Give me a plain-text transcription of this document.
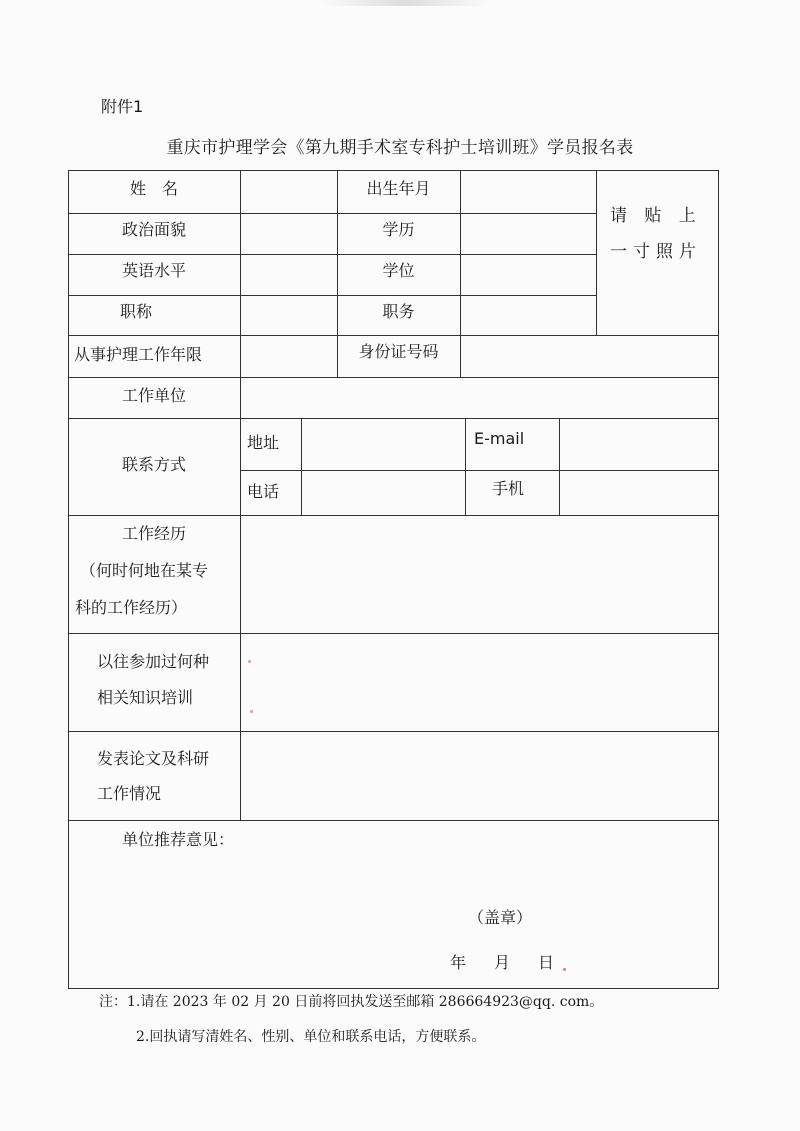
附件1
重庆市护理学会《第九期手术室专科护士培训班》学员报名表
姓　名	出生年月
请 贴 上一寸照片
政治面貌	学历
英语水平	学位
职称	职务
从事护理工作年限	身份证号码
工作单位
联系方式
地址	E-mail
电话	手机
工作经历
（何时何地在某专
科的工作经历）
以往参加过何种
相关知识培训
发表论文及科研
工作情况
单位推荐意见：
（盖章）
年 月 日
注：1.请在 2023 年 02 月 20 日前将回执发送至邮箱 286664923@qq. com。
2.回执请写清姓名、性别、单位和联系电话，方便联系。
